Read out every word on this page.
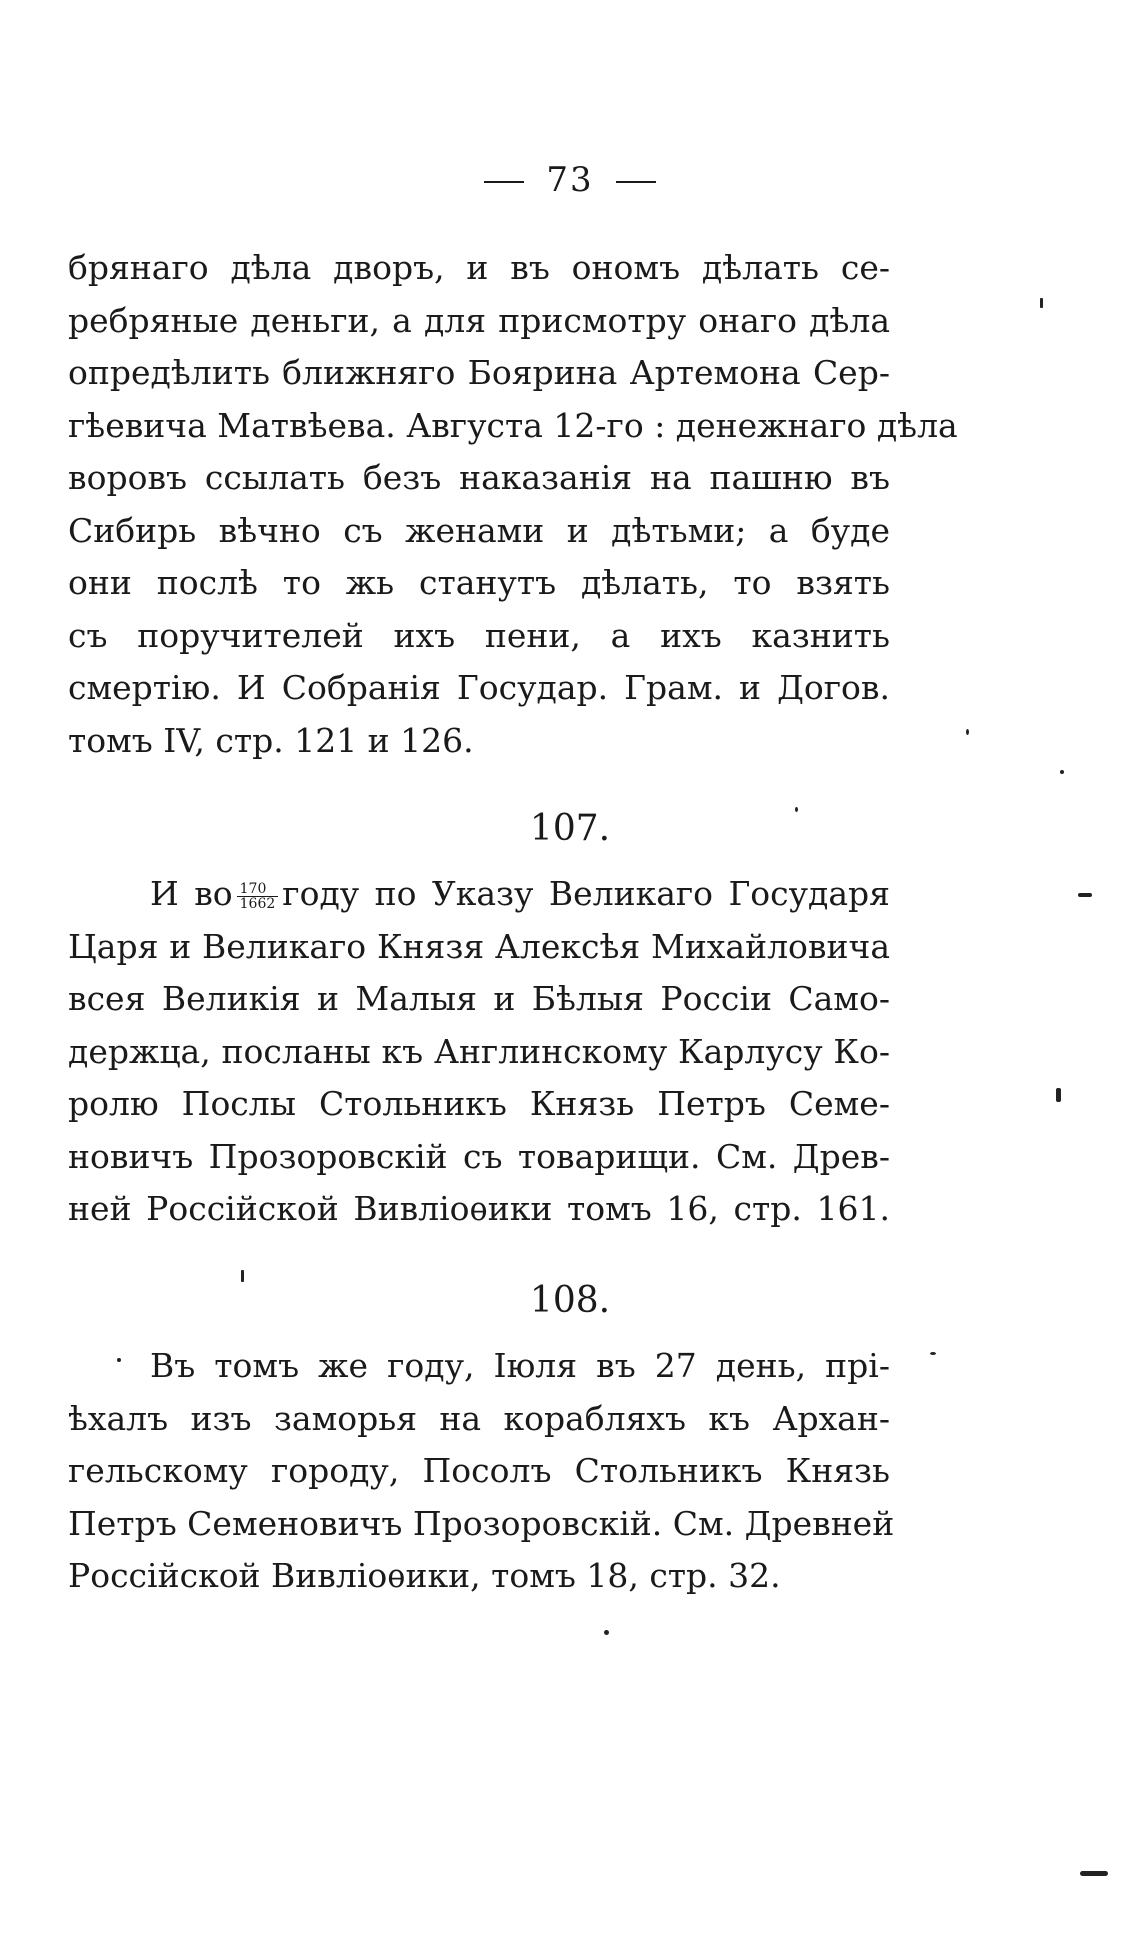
73
брянаго дѣла дворъ, и въ ономъ дѣлать се-
ребряные деньги, а для присмотру онаго дѣла
опредѣлить ближняго Боярина Артемона Сер-
гѣевича Матвѣева. Августа 12-го : денежнаго дѣла
воровъ ссылать безъ наказанія на пашню въ
Сибирь вѣчно съ женами и дѣтьми; а буде
они послѣ то жь станутъ дѣлать, то взять
съ поручителей ихъ пени, а ихъ казнить
смертію. И Собранія Госудap. Грам. и Догов.
томъ IV, стр. 121 и 126.
107.
И во $\frac{170}{1662}$ году по Указу Великаго Государя
Царя и Великаго Князя Алексѣя Михайловича
всея Великія и Малыя и Бѣлыя Россіи Само-
держца, посланы къ Англинскому Карлусу Ко-
ролю Послы Стольникъ Князь Петръ Семе-
новичъ Прозоровскій съ товарищи. См. Древ-
ней Россійской Вивліоѳики томъ 16, стр. 161.
108.
Въ томъ же году, Іюля въ 27 день, прі-
ѣхалъ изъ заморья на корабляхъ къ Архан-
гельскому городу, Посолъ Стольникъ Князь
Петръ Семеновичъ Прозоровскій. См. Древней
Россійской Вивліоѳики, томъ 18, стр. 32.
